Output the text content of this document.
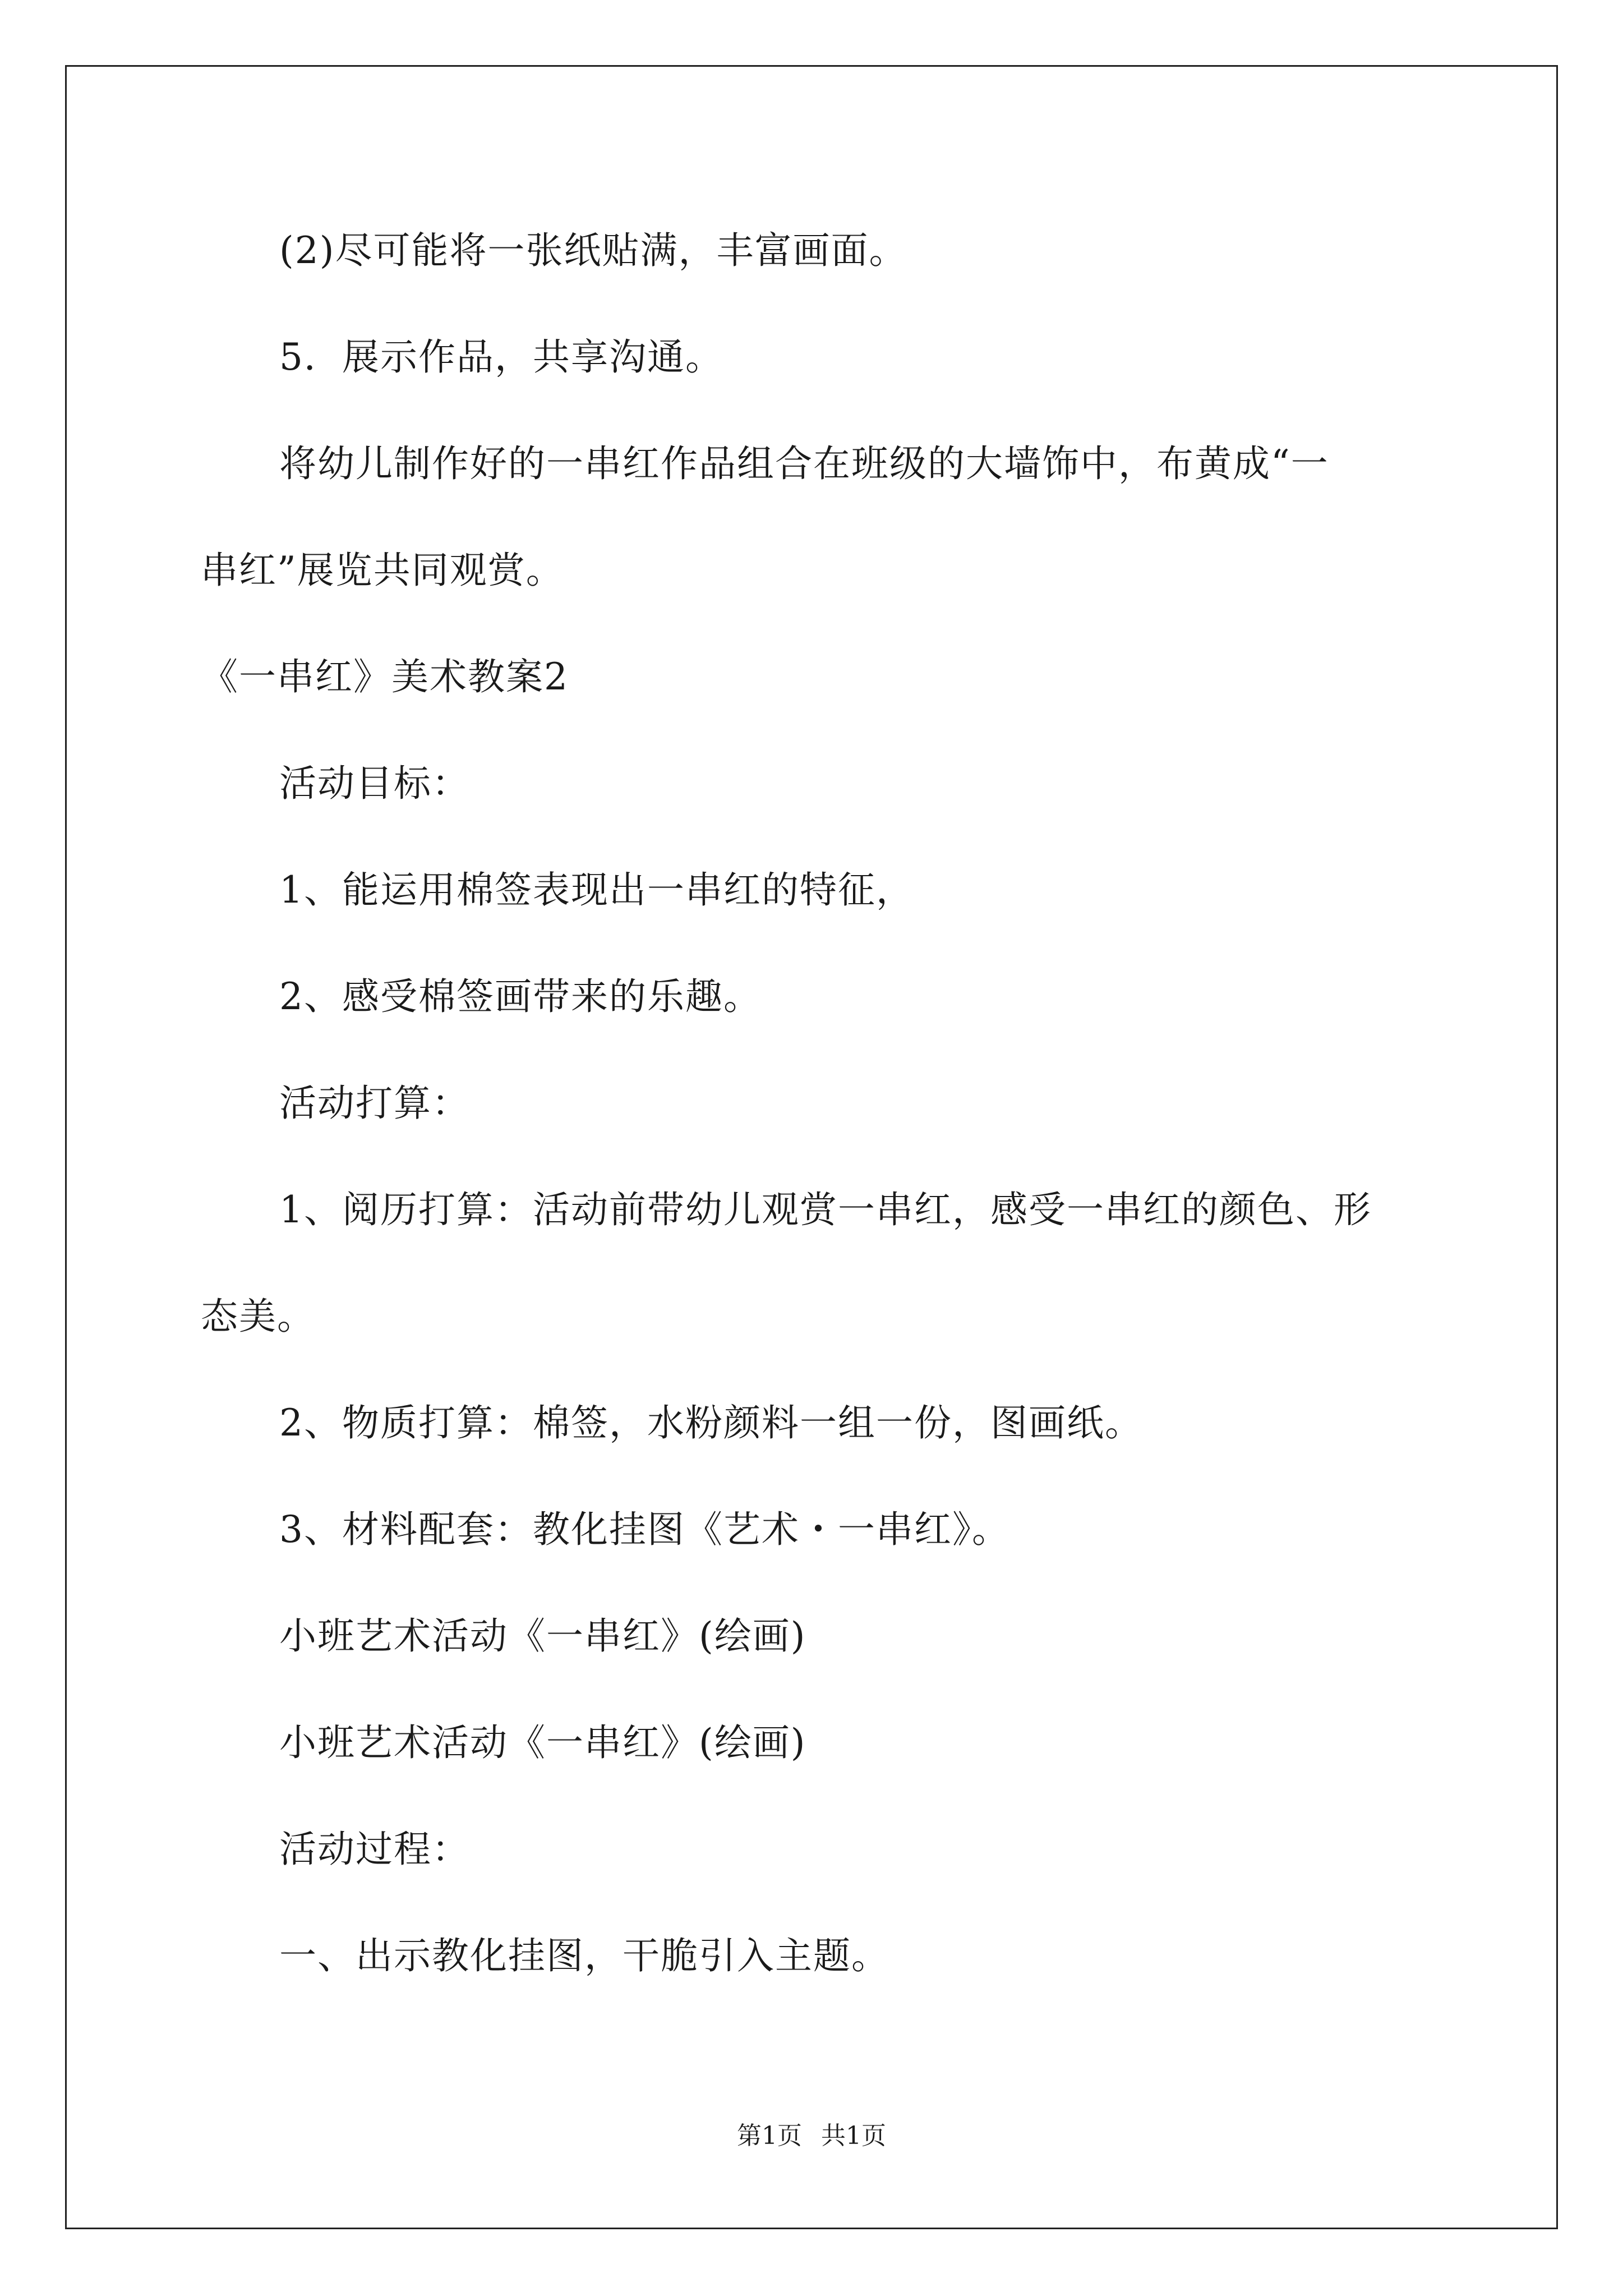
(2)尽可能将一张纸贴满，丰富画面。
5．展示作品，共享沟通。
将幼儿制作好的一串红作品组合在班级的大墙饰中，布黄成“一
串红”展览共同观赏。
《一串红》美术教案2
活动目标：
1、能运用棉签表现出一串红的特征，
2、感受棉签画带来的乐趣。
活动打算：
1、阅历打算：活动前带幼儿观赏一串红，感受一串红的颜色、形
态美。
2、物质打算：棉签，水粉颜料一组一份，图画纸。
3、材料配套：教化挂图《艺术・一串红》。
小班艺术活动《一串红》(绘画)
小班艺术活动《一串红》(绘画)
活动过程：
一、出示教化挂图，干脆引入主题。
第1页 共1页
